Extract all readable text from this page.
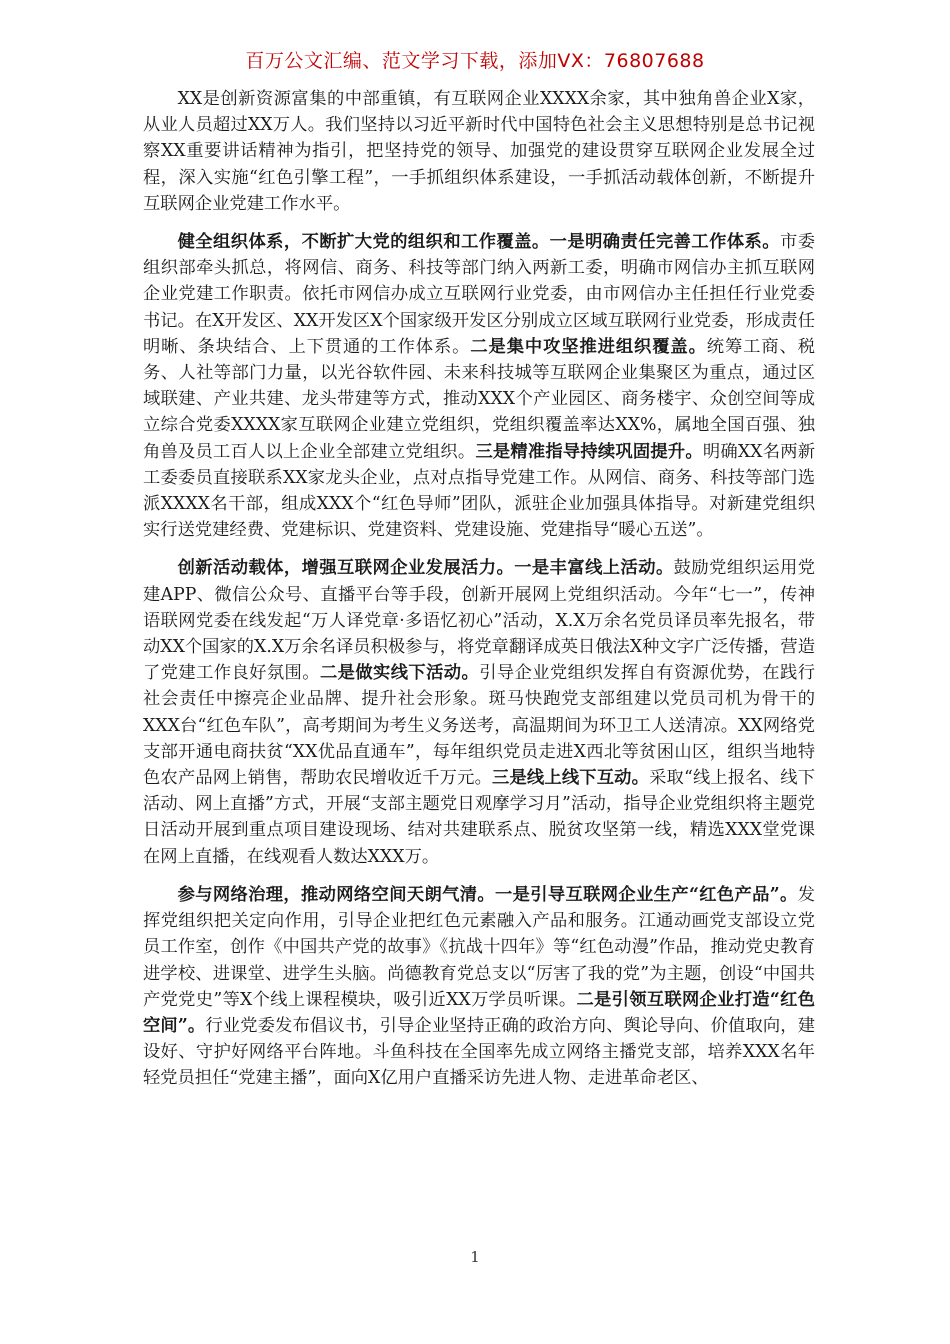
百万公文汇编、范文学习下载，添加VX：76807688

XX是创新资源富集的中部重镇，有互联网企业XXXX余家，其中独角兽企业X家，从业人员超过XX万人。我们坚持以习近平新时代中国特色社会主义思想特别是总书记视察XX重要讲话精神为指引，把坚持党的领导、加强党的建设贯穿互联网企业发展全过程，深入实施“红色引擎工程”，一手抓组织体系建设，一手抓活动载体创新，不断提升互联网企业党建工作水平。

健全组织体系，不断扩大党的组织和工作覆盖。一是明确责任完善工作体系。市委组织部牵头抓总，将网信、商务、科技等部门纳入两新工委，明确市网信办主抓互联网企业党建工作职责。依托市网信办成立互联网行业党委，由市网信办主任担任行业党委书记。在X开发区、XX开发区X个国家级开发区分别成立区域互联网行业党委，形成责任明晰、条块结合、上下贯通的工作体系。二是集中攻坚推进组织覆盖。统筹工商、税务、人社等部门力量，以光谷软件园、未来科技城等互联网企业集聚区为重点，通过区域联建、产业共建、龙头带建等方式，推动XXX个产业园区、商务楼宇、众创空间等成立综合党委XXXX家互联网企业建立党组织，党组织覆盖率达XX%，属地全国百强、独角兽及员工百人以上企业全部建立党组织。三是精准指导持续巩固提升。明确XX名两新工委委员直接联系XX家龙头企业，点对点指导党建工作。从网信、商务、科技等部门选派XXXX名干部，组成XXX个“红色导师”团队，派驻企业加强具体指导。对新建党组织实行送党建经费、党建标识、党建资料、党建设施、党建指导“暖心五送”。

创新活动载体，增强互联网企业发展活力。一是丰富线上活动。鼓励党组织运用党建APP、微信公众号、直播平台等手段，创新开展网上党组织活动。今年“七一”，传神语联网党委在线发起“万人译党章·多语忆初心”活动，X.X万余名党员译员率先报名，带动XX个国家的X.X万余名译员积极参与，将党章翻译成英日俄法X种文字广泛传播，营造了党建工作良好氛围。二是做实线下活动。引导企业党组织发挥自有资源优势，在践行社会责任中擦亮企业品牌、提升社会形象。斑马快跑党支部组建以党员司机为骨干的XXX台“红色车队”，高考期间为考生义务送考，高温期间为环卫工人送清凉。XX网络党支部开通电商扶贫“XX优品直通车”，每年组织党员走进X西北等贫困山区，组织当地特色农产品网上销售，帮助农民增收近千万元。三是线上线下互动。采取“线上报名、线下活动、网上直播”方式，开展“支部主题党日观摩学习月”活动，指导企业党组织将主题党日活动开展到重点项目建设现场、结对共建联系点、脱贫攻坚第一线，精选XXX堂党课在网上直播，在线观看人数达XXX万。

参与网络治理，推动网络空间天朗气清。一是引导互联网企业生产“红色产品”。发挥党组织把关定向作用，引导企业把红色元素融入产品和服务。江通动画党支部设立党员工作室，创作《中国共产党的故事》《抗战十四年》等“红色动漫”作品，推动党史教育进学校、进课堂、进学生头脑。尚德教育党总支以“厉害了我的党”为主题，创设“中国共产党党史”等X个线上课程模块，吸引近XX万学员听课。二是引领互联网企业打造“红色空间”。行业党委发布倡议书，引导企业坚持正确的政治方向、舆论导向、价值取向，建设好、守护好网络平台阵地。斗鱼科技在全国率先成立网络主播党支部，培养XXX名年轻党员担任“党建主播”，面向X亿用户直播采访先进人物、走进革命老区、

1
